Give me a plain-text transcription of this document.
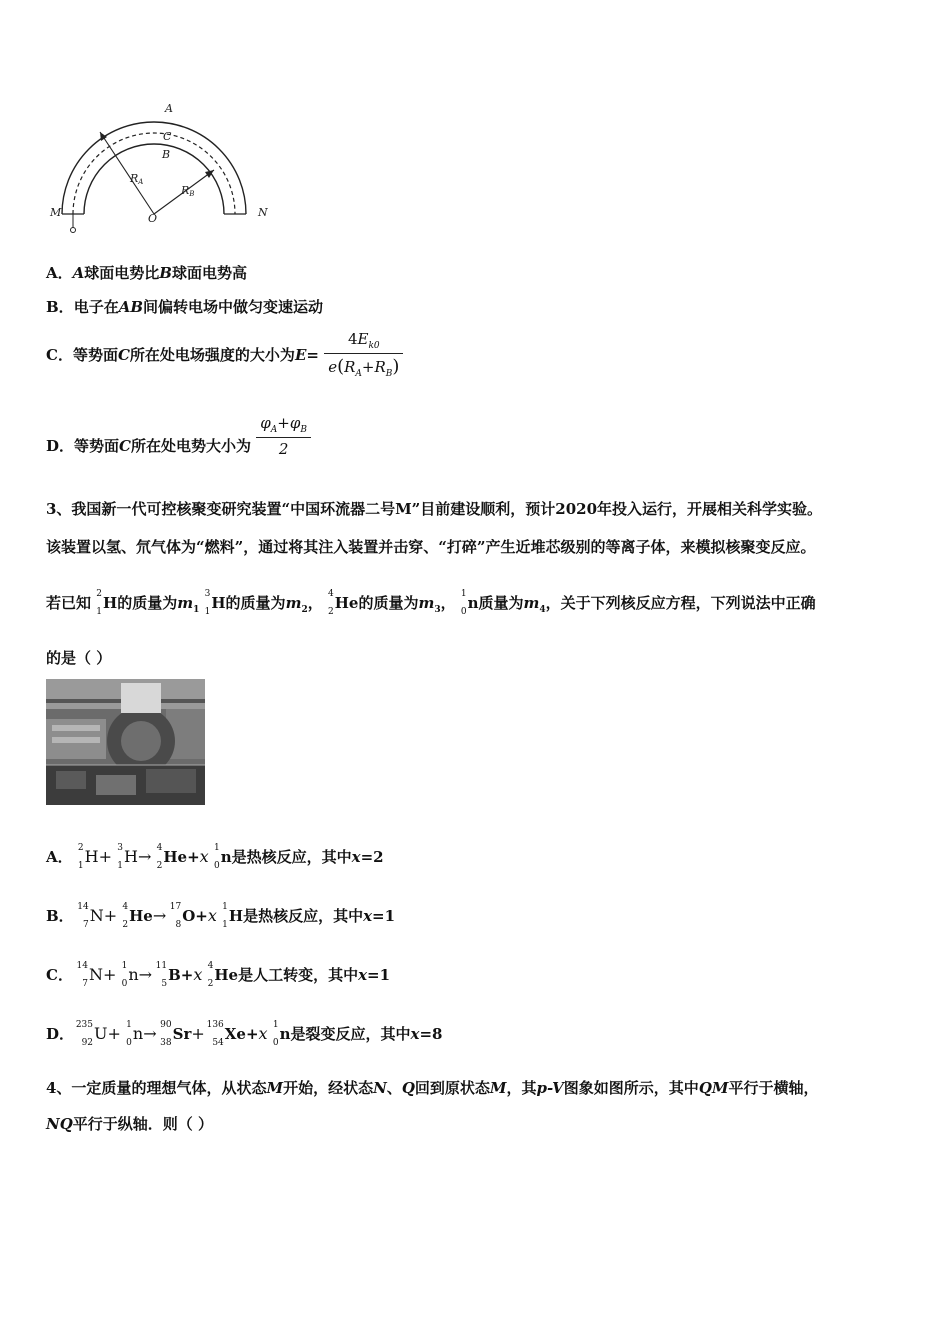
A
C
B
RA
RB
O
M	N
A．A球面电势比B球面电势高
B．电子在AB间偏转电场中做匀变速运动
C．等势面C所在处电场强度的大小为$E= \frac{4E_{k0}}{e(R_A+R_B)}$
D．等势面C所在处电势大小为 $\frac{\varphi_A+\varphi_B}{2}$
3、我国新一代可控核聚变研究装置“中国环流器二号M”目前建设顺利，预计2020年投入运行，开展相关科学实验。
该装置以氢、氘气体为“燃料”，通过将其注入装置并击穿、“打碎”产生近堆芯级别的等离子体，来模拟核聚变反应。
若已知 2
1 H的质量为$m_1$
3
1 H的质量为$m_2$， 4
2 He的质量为$m_3$， 1
0 n质量为$m_4$，关于下列核反应方程，下列说法中正确
的是（ ）
A． 2
1 H+ 3
1 H→ 4
2 He+x 1
0 n是热核反应，其中x=2
B． 14
7 N+ 4
2 He→ 17
8 O+x 1
1 H是热核反应，其中x=1
C． 14
7 N+ 1
0 n→ 11
5 B+x 4
2 He是人工转变，其中x=1
D． 235
92 U+ 1
0 n→ 90
38 Sr+ 136
54 Xe+x 1
0 n是裂变反应，其中x=8
4、一定质量的理想气体，从状态M开始，经状态N、Q回到原状态M，其p-V图象如图所示，其中QM平行于横轴，
NQ平行于纵轴．则（ ）
